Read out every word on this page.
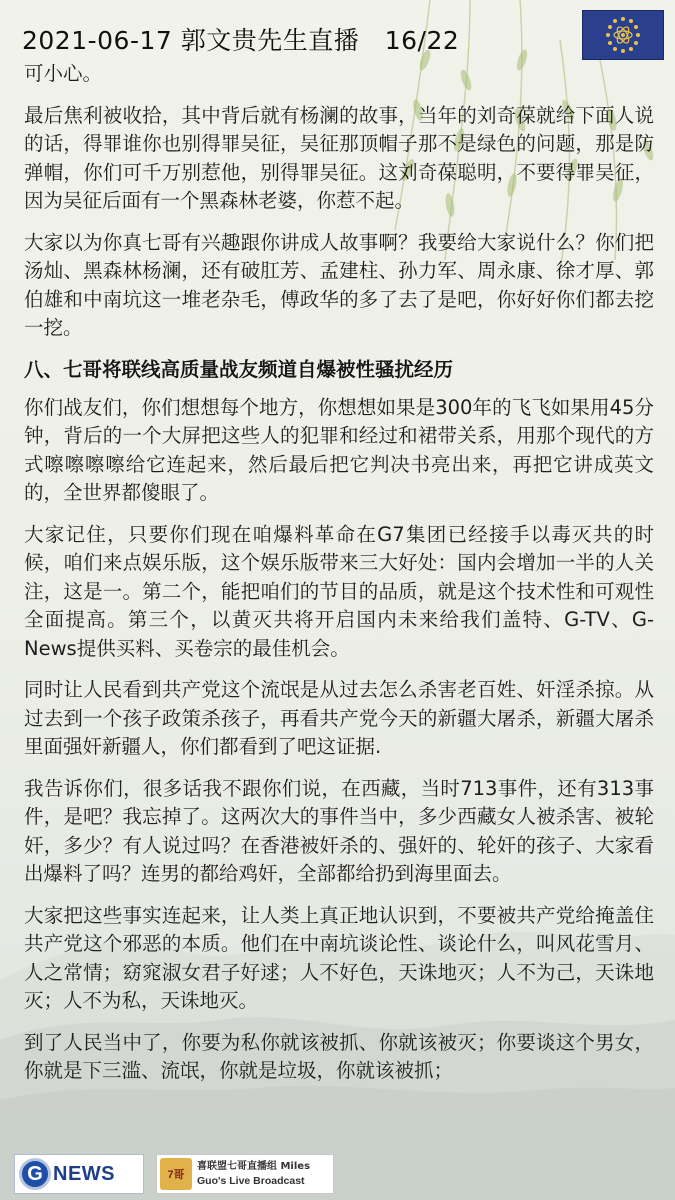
2021-06-17 郭文贵先生直播　16/22

可小心。

最后焦利被收拾，其中背后就有杨澜的故事，当年的刘奇葆就给下面人说的话，得罪谁你也别得罪吴征，吴征那顶帽子那不是绿色的问题，那是防弹帽，你们可千万别惹他，别得罪吴征。这刘奇葆聪明，不要得罪吴征，因为吴征后面有一个黑森林老婆，你惹不起。

大家以为你真七哥有兴趣跟你讲成人故事啊？我要给大家说什么？你们把汤灿、黑森林杨澜，还有破肛芳、孟建柱、孙力军、周永康、徐才厚、郭伯雄和中南坑这一堆老杂毛，傅政华的多了去了是吧，你好好你们都去挖一挖。

八、七哥将联线高质量战友频道自爆被性骚扰经历

你们战友们，你们想想每个地方，你想想如果是300年的飞飞如果用45分钟，背后的一个大屏把这些人的犯罪和经过和裙带关系，用那个现代的方式嚓嚓嚓嚓给它连起来，然后最后把它判决书亮出来，再把它讲成英文的，全世界都傻眼了。

大家记住，只要你们现在咱爆料革命在G7集团已经接手以毒灭共的时候，咱们来点娱乐版，这个娱乐版带来三大好处：国内会增加一半的人关注，这是一。第二个，能把咱们的节目的品质，就是这个技术性和可观性全面提高。第三个，以黄灭共将开启国内未来给我们盖特、G-TV、G-News提供买料、买卷宗的最佳机会。

同时让人民看到共产党这个流氓是从过去怎么杀害老百姓、奸淫杀掠。从过去到一个孩子政策杀孩子，再看共产党今天的新疆大屠杀，新疆大屠杀里面强奸新疆人，你们都看到了吧这证据.

我告诉你们，很多话我不跟你们说，在西藏，当时713事件，还有313事件，是吧？我忘掉了。这两次大的事件当中，多少西藏女人被杀害、被轮奸，多少？有人说过吗？在香港被奸杀的、强奸的、轮奸的孩子、大家看出爆料了吗？连男的都给鸡奸，全部都给扔到海里面去。

大家把这些事实连起来，让人类上真正地认识到，不要被共产党给掩盖住共产党这个邪恶的本质。他们在中南坑谈论性、谈论什么，叫风花雪月、人之常情；窈窕淑女君子好逑；人不好色，天诛地灭；人不为己，天诛地灭；人不为私，天诛地灭。

到了人民当中了，你要为私你就该被抓、你就该被灭；你要谈这个男女，你就是下三滥、流氓，你就是垃圾，你就该被抓；

G NEWS	7哥
喜联盟七哥直播组 Miles
Guo's Live Broadcast
